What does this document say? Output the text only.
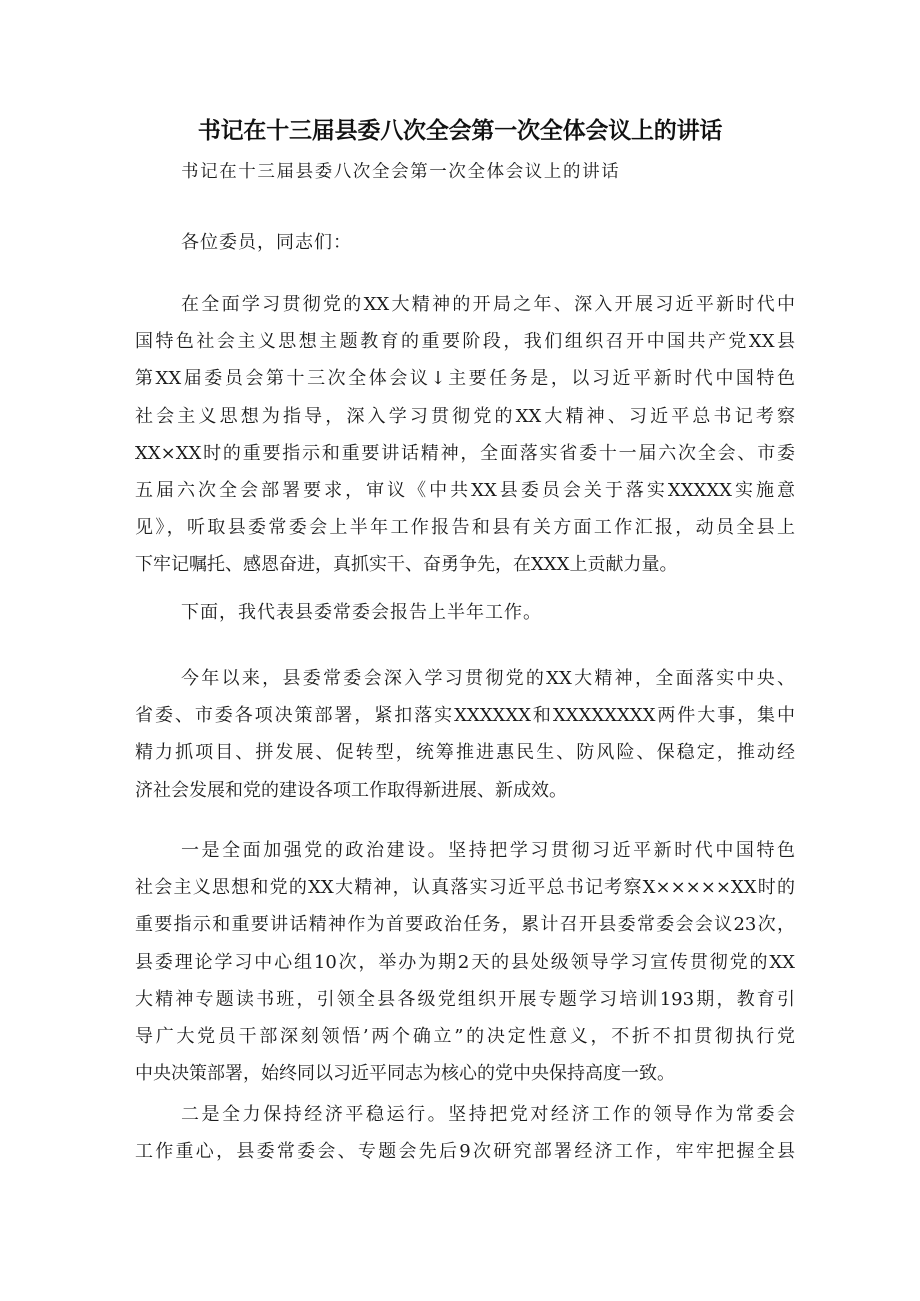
书记在十三届县委八次全会第一次全体会议上的讲话
书记在十三届县委八次全会第一次全体会议上的讲话
各位委员，同志们：
在全面学习贯彻党的XX大精神的开局之年、深入开展习近平新时代中
国特色社会主义思想主题教育的重要阶段，我们组织召开中国共产党XX县
第XX届委员会第十三次全体会议↓主要任务是，以习近平新时代中国特色
社会主义思想为指导，深入学习贯彻党的XX大精神、习近平总书记考察
XX×XX时的重要指示和重要讲话精神，全面落实省委十一届六次全会、市委
五届六次全会部署要求，审议《中共XX县委员会关于落实XXXXX实施意
见》，听取县委常委会上半年工作报告和县有关方面工作汇报，动员全县上
下牢记嘱托、感恩奋进，真抓实干、奋勇争先，在XXX上贡献力量。
下面，我代表县委常委会报告上半年工作。
今年以来，县委常委会深入学习贯彻党的XX大精神，全面落实中央、
省委、市委各项决策部署，紧扣落实XXXXXX和XXXXXXXX两件大事，集中
精力抓项目、拼发展、促转型，统筹推进惠民生、防风险、保稳定，推动经
济社会发展和党的建设各项工作取得新进展、新成效。
一是全面加强党的政治建设。坚持把学习贯彻习近平新时代中国特色
社会主义思想和党的XX大精神，认真落实习近平总书记考察X×××××XX时的
重要指示和重要讲话精神作为首要政治任务，累计召开县委常委会会议23次，
县委理论学习中心组10次，举办为期2天的县处级领导学习宣传贯彻党的XX
大精神专题读书班，引领全县各级党组织开展专题学习培训193期，教育引
导广大党员干部深刻领悟’两个确立”的决定性意义，不折不扣贯彻执行党
中央决策部署，始终同以习近平同志为核心的党中央保持高度一致。
二是全力保持经济平稳运行。坚持把党对经济工作的领导作为常委会
工作重心，县委常委会、专题会先后9次研究部署经济工作，牢牢把握全县
